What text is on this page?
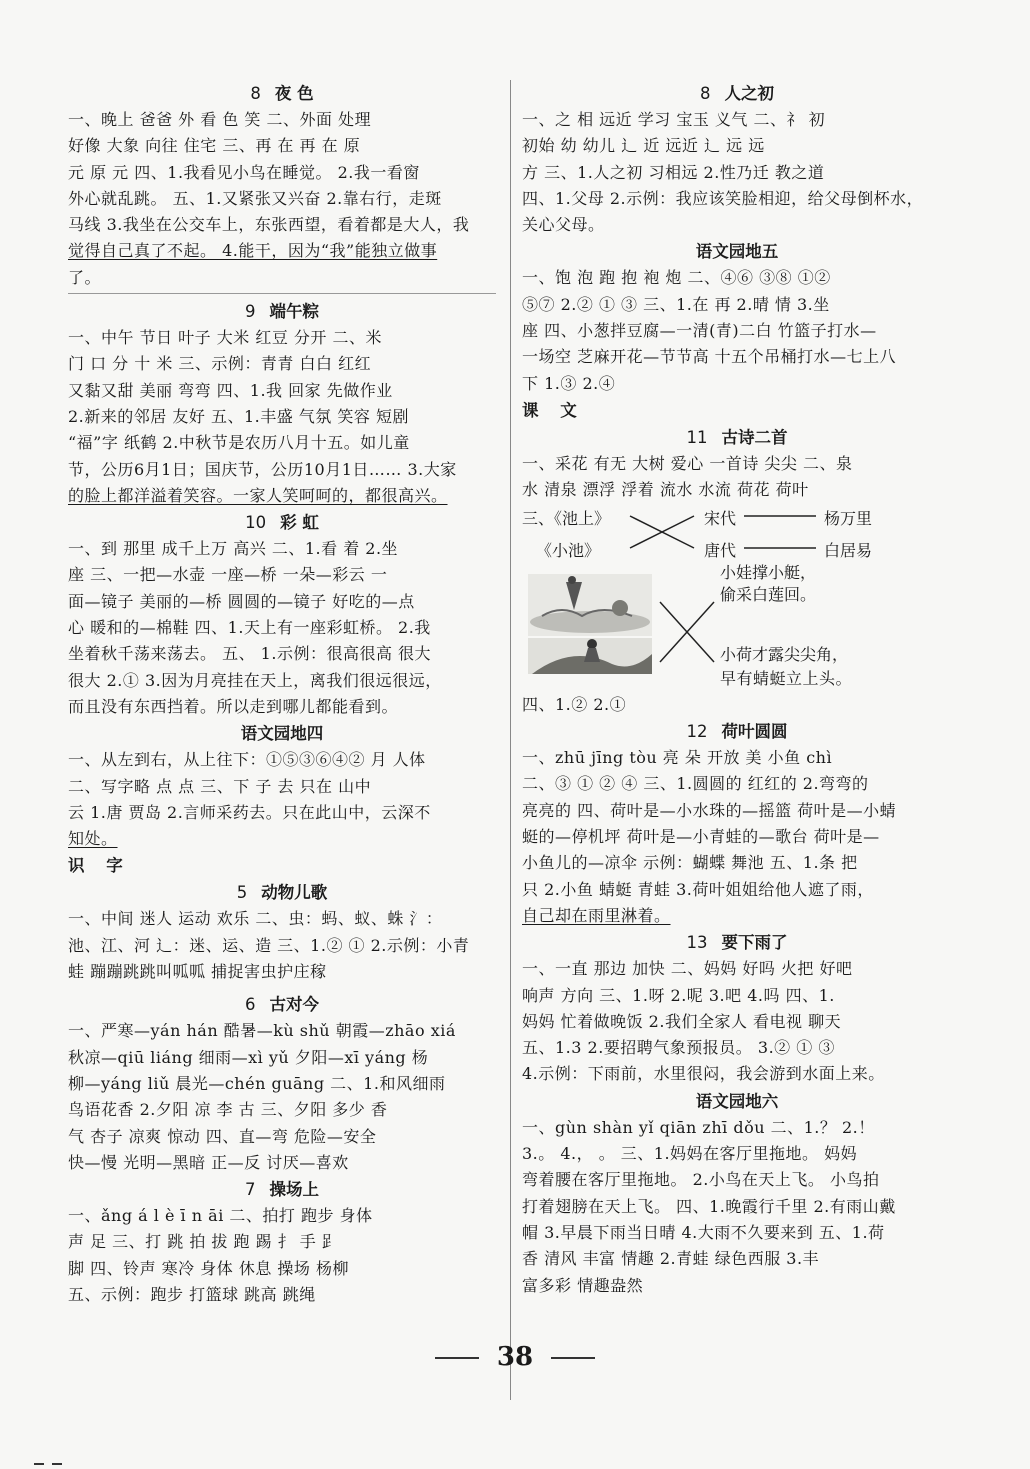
8 夜 色
一、晚上 爸爸 外 看 色 笑 二、外面 处理
好像 大象 向往 住宅 三、再 在 再 在 原
元 原 元 四、1.我看见小鸟在睡觉。 2.我一看窗
外心就乱跳。 五、1.又紧张又兴奋 2.靠右行，走斑
马线 3.我坐在公交车上，东张西望，看着都是大人，我
觉得自己真了不起。 4.能干，因为“我”能独立做事
了。
9 端午粽
一、中午 节日 叶子 大米 红豆 分开 二、米
门 口 分 十 米 三、示例：青青 白白 红红
又黏又甜 美丽 弯弯 四、1.我 回家 先做作业
2.新来的邻居 友好 五、1.丰盛 气氛 笑容 短剧
“福”字 纸鹤 2.中秋节是农历八月十五。如儿童
节，公历6月1日；国庆节，公历10月1日…… 3.大家
的脸上都洋溢着笑容。一家人笑呵呵的，都很高兴。
10 彩 虹
一、到 那里 成千上万 高兴 二、1.看 着 2.坐
座 三、一把—水壶 一座—桥 一朵—彩云 一
面—镜子 美丽的—桥 圆圆的—镜子 好吃的—点
心 暖和的—棉鞋 四、1.天上有一座彩虹桥。 2.我
坐着秋千荡来荡去。 五、 1.示例：很高很高 很大
很大 2.① 3.因为月亮挂在天上，离我们很远很远，
而且没有东西挡着。所以走到哪儿都能看到。
语文园地四
一、从左到右，从上往下：①⑤③⑥④② 月 人体
二、写字略 点 点 三、下 子 去 只在 山中
云 1.唐 贾岛 2.言师采药去。只在此山中，云深不
知处。
识 字
5 动物儿歌
一、中间 迷人 运动 欢乐 二、虫：蚂、蚁、蛛 氵：
池、江、河 辶：迷、运、造 三、1.② ① 2.示例：小青
蛙 蹦蹦跳跳叫呱呱 捕捉害虫护庄稼
6 古对今
一、严寒—yán hán 酷暑—kù shǔ 朝霞—zhāo xiá
秋凉—qiū liáng 细雨—xì yǔ 夕阳—xī yáng 杨
柳—yáng liǔ 晨光—chén guāng 二、1.和风细雨
鸟语花香 2.夕阳 凉 李 古 三、夕阳 多少 香
气 杏子 凉爽 惊动 四、直—弯 危险—安全
快—慢 光明—黑暗 正—反 讨厌—喜欢
7 操场上
一、ǎng á l è ī n āi 二、拍打 跑步 身体
声 足 三、打 跳 拍 拔 跑 踢 扌 手 𧾷
脚 四、铃声 寒冷 身体 休息 操场 杨柳
五、示例：跑步 打篮球 跳高 跳绳
8 人之初
一、之 相 远近 学习 宝玉 义气 二、礻 初
初始 幼 幼儿 辶 近 远近 辶 远 远
方 三、1.人之初 习相远 2.性乃迁 教之道
四、1.父母 2.示例：我应该笑脸相迎，给父母倒杯水，
关心父母。
语文园地五
一、饱 泡 跑 抱 袍 炮 二、④⑥ ③⑧ ①②
⑤⑦ 2.② ① ③ 三、1.在 再 2.晴 情 3.坐
座 四、小葱拌豆腐—一清(青)二白 竹篮子打水—
一场空 芝麻开花—节节高 十五个吊桶打水—七上八
下 1.③ 2.④
课 文
11 古诗二首
一、采花 有无 大树 爱心 一首诗 尖尖 二、泉
水 清泉 漂浮 浮着 流水 水流 荷花 荷叶
三、《池上》
《小池》
宋代
唐代
杨万里
白居易
小娃撑小艇，
偷采白莲回。
小荷才露尖尖角，
早有蜻蜓立上头。
四、1.② 2.①
12 荷叶圆圆
一、zhū jīng tòu 亮 朵 开放 美 小鱼 chì
二、③ ① ② ④ 三、1.圆圆的 红红的 2.弯弯的
亮亮的 四、荷叶是—小水珠的—摇篮 荷叶是—小蜻
蜓的—停机坪 荷叶是—小青蛙的—歌台 荷叶是—
小鱼儿的—凉伞 示例：蝴蝶 舞池 五、1.条 把
只 2.小鱼 蜻蜓 青蛙 3.荷叶姐姐给他人遮了雨，
自己却在雨里淋着。
13 要下雨了
一、一直 那边 加快 二、妈妈 好吗 火把 好吧
响声 方向 三、1.呀 2.呢 3.吧 4.吗 四、1.
妈妈 忙着做晚饭 2.我们全家人 看电视 聊天
五、1.3 2.要招聘气象预报员。 3.② ① ③
4.示例：下雨前，水里很闷，我会游到水面上来。
语文园地六
一、gùn shàn yǐ qiān zhī dǒu 二、1.？ 2.！
3.。 4.， 。 三、1.妈妈在客厅里拖地。 妈妈
弯着腰在客厅里拖地。 2.小鸟在天上飞。 小鸟拍
打着翅膀在天上飞。 四、1.晚霞行千里 2.有雨山戴
帽 3.早晨下雨当日晴 4.大雨不久要来到 五、1.荷
香 清风 丰富 情趣 2.青蛙 绿色西服 3.丰
富多彩 情趣盎然
38
